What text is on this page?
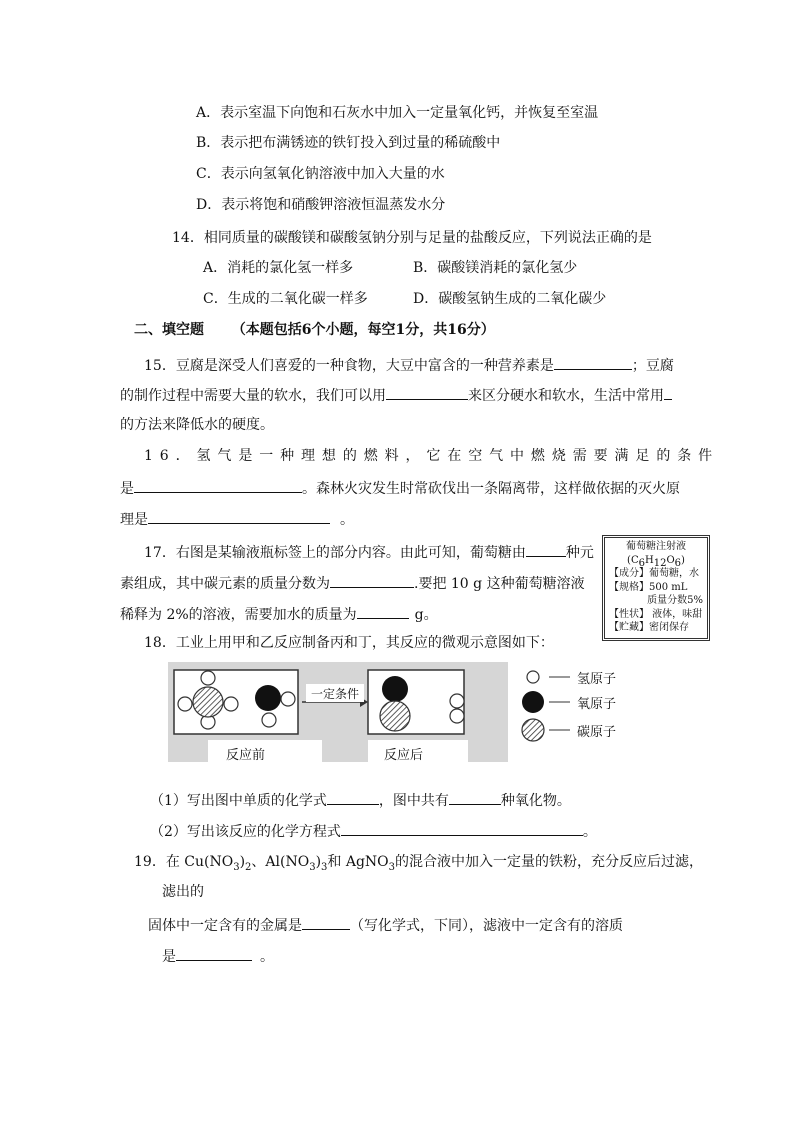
A．表示室温下向饱和石灰水中加入一定量氧化钙，并恢复至室温
B．表示把布满锈迹的铁钉投入到过量的稀硫酸中
C．表示向氢氧化钠溶液中加入大量的水
D．表示将饱和硝酸钾溶液恒温蒸发水分
14．相同质量的碳酸镁和碳酸氢钠分别与足量的盐酸反应，下列说法正确的是
A．消耗的氯化氢一样多	B．碳酸镁消耗的氯化氢少
C．生成的二氧化碳一样多	D．碳酸氢钠生成的二氧化碳少
二、填空题 （本题包括6个小题，每空1分，共16分）
15．豆腐是深受人们喜爱的一种食物，大豆中富含的一种营养素是	；豆腐
的制作过程中需要大量的软水，我们可以用	来区分硬水和软水，生活中常用
的方法来降低水的硬度。
16．氢气是一种理想的燃料，它在空气中燃烧需要满足的条件
是	。森林火灾发生时常砍伐出一条隔离带，这样做依据的灭火原
理是	。
17．右图是某输液瓶标签上的部分内容。由此可知，葡萄糖由	种元
素组成，其中碳元素的质量分数为	.要把 10 g 这种葡萄糖溶液
稀释为 2%的溶液，需要加水的质量为	g。
葡萄糖注射液
$(C_6H_{12}O_6)$
【成分】葡萄糖，水
【规格】500 mL
质量分数5%
【性状】 液体，味甜
【贮藏】密闭保存
18．工业上用甲和乙反应制备丙和丁，其反应的微观示意图如下：
一定条件
氢原子
氧原子
碳原子
反应前	反应后
（1）写出图中单质的化学式	，图中共有	种氧化物。
（2）写出该反应的化学方程式	。
19．在 $Cu(NO_3)_2$、$Al(NO_3)_3$和 AgNO$_3$的混合液中加入一定量的铁粉，充分反应后过滤，
滤出的
固体中一定含有的金属是	（写化学式，下同），滤液中一定含有的溶质
是	。
